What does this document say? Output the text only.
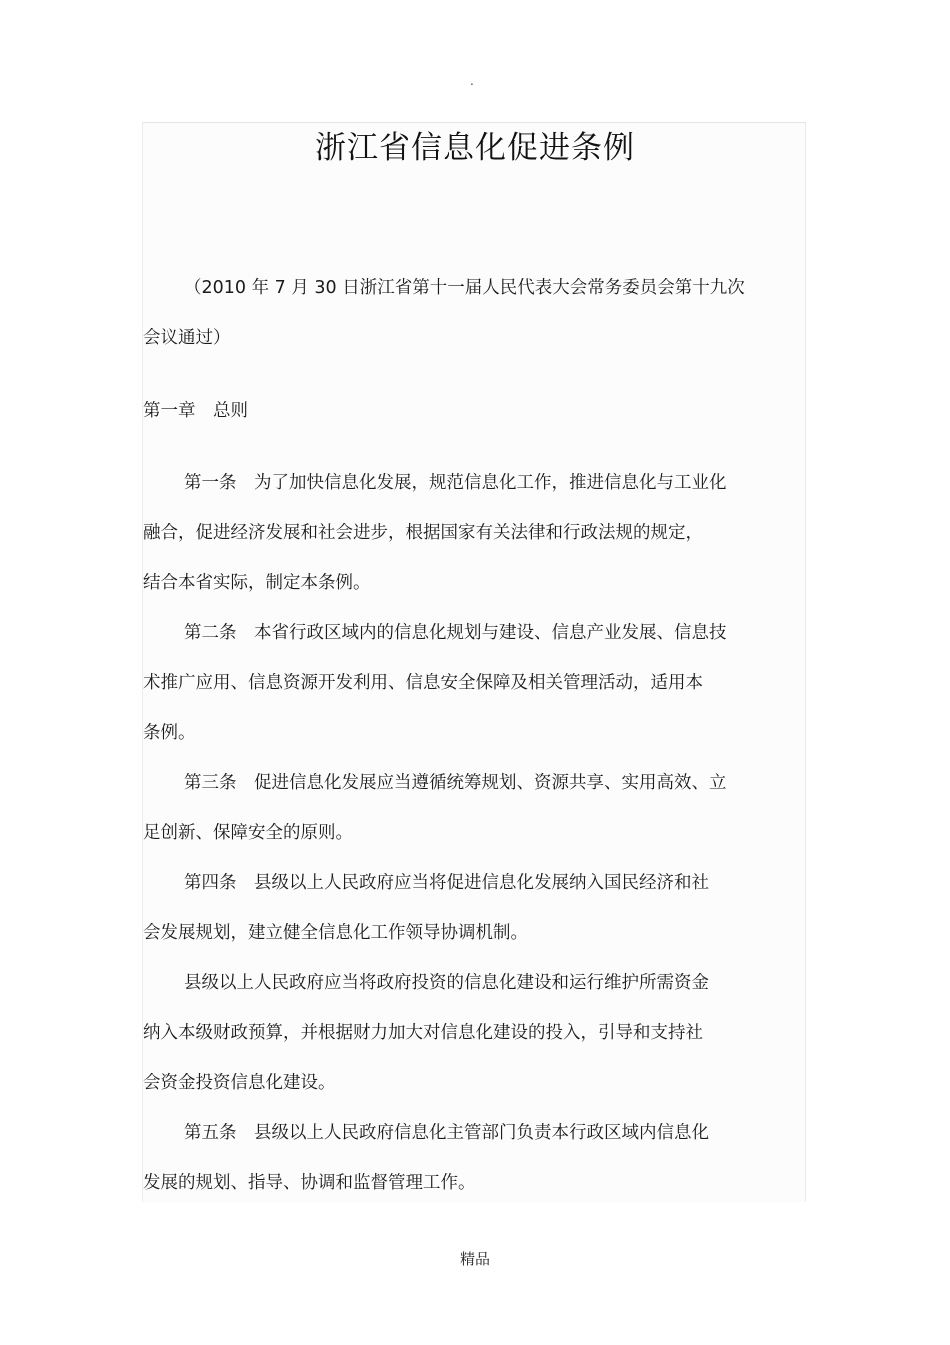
.
浙江省信息化促进条例
（2010 年 7 月 30 日浙江省第十一届人民代表大会常务委员会第十九次
会议通过）
第一章　总则
第一条　为了加快信息化发展，规范信息化工作，推进信息化与工业化
融合，促进经济发展和社会进步，根据国家有关法律和行政法规的规定，
结合本省实际，制定本条例。
第二条　本省行政区域内的信息化规划与建设、信息产业发展、信息技
术推广应用、信息资源开发利用、信息安全保障及相关管理活动，适用本
条例。
第三条　促进信息化发展应当遵循统筹规划、资源共享、实用高效、立
足创新、保障安全的原则。
第四条　县级以上人民政府应当将促进信息化发展纳入国民经济和社
会发展规划，建立健全信息化工作领导协调机制。
县级以上人民政府应当将政府投资的信息化建设和运行维护所需资金
纳入本级财政预算，并根据财力加大对信息化建设的投入，引导和支持社
会资金投资信息化建设。
第五条　县级以上人民政府信息化主管部门负责本行政区域内信息化
发展的规划、指导、协调和监督管理工作。
精品
